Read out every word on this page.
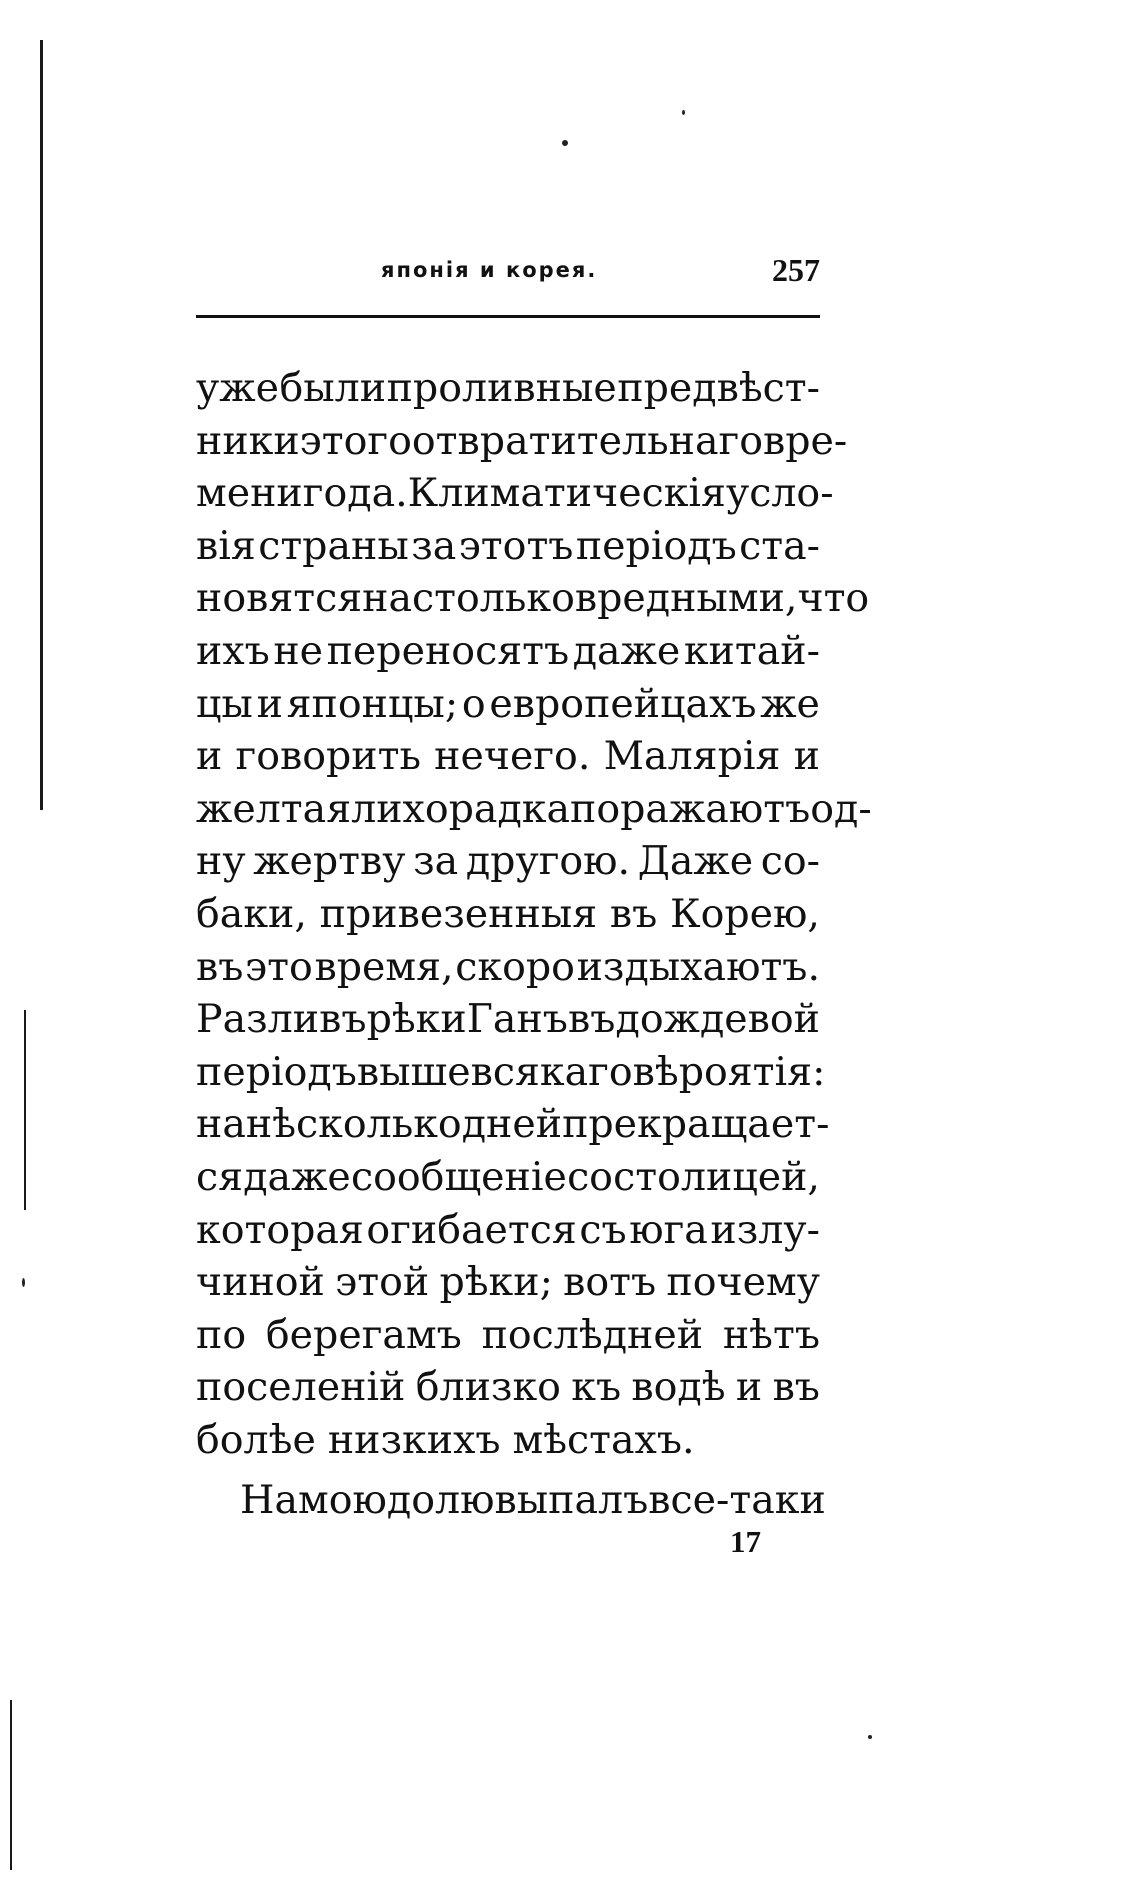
японія и корея.	257
уже были проливные предвѣст-
ники этого отвратительнаго вре-
мени года. Климатическія усло-
вія страны за этотъ періодъ ста-
новятся настолько вредными, что
ихъ не переносятъ даже китай-
цы и японцы; о европейцахъ же
и говорить нечего. Малярія и
желтая лихорадка поражаютъ од-
ну жертву за другою. Даже со-
баки, привезенныя въ Корею,
въ это время, скоро издыхаютъ.
Разливъ рѣки Ганъ въ дождевой
періодъ выше всякаго вѣроятія:
на нѣсколько дней прекращает-
ся даже сообщеніе со столицей,
которая огибается съ юга излу-
чиной этой рѣки; вотъ почему
по берегамъ послѣдней нѣтъ
поселеній близко къ водѣ и въ
болѣе низкихъ мѣстахъ.
На мою долю выпалъ все-таки
17
